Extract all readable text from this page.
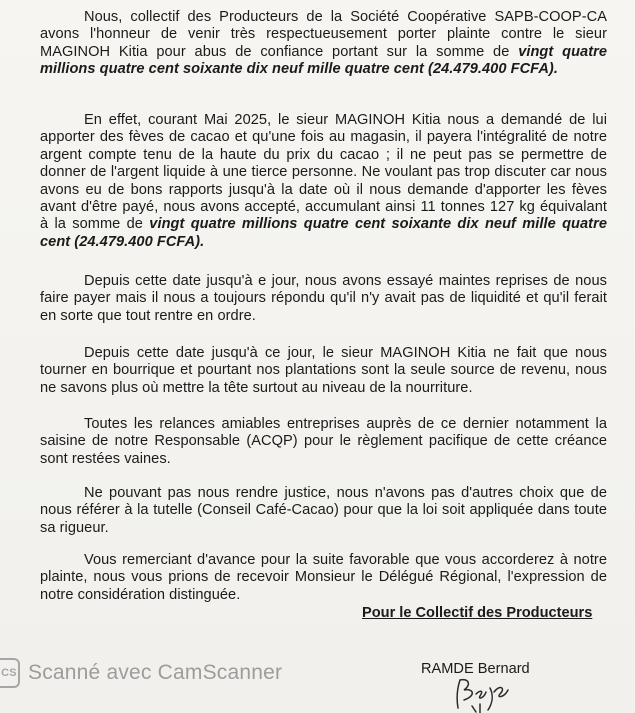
Nous, collectif des Producteurs de la Société Coopérative SAPB-COOP-CA avons l'honneur de venir très respectueusement porter plainte contre le sieur MAGINOH Kitia pour abus de confiance portant sur la somme de vingt quatre millions quatre cent soixante dix neuf mille quatre cent (24.479.400 FCFA).

En effet, courant Mai 2025, le sieur MAGINOH Kitia nous a demandé de lui apporter des fèves de cacao et qu'une fois au magasin, il payera l'intégralité de notre argent compte tenu de la haute du prix du cacao ; il ne peut pas se permettre de donner de l'argent liquide à une tierce personne. Ne voulant pas trop discuter car nous avons eu de bons rapports jusqu'à la date où il nous demande d'apporter les fèves avant d'être payé, nous avons accepté, accumulant ainsi 11 tonnes 127 kg équivalant à la somme de vingt quatre millions quatre cent soixante dix neuf mille quatre cent (24.479.400 FCFA).

Depuis cette date jusqu'à e jour, nous avons essayé maintes reprises de nous faire payer mais il nous a toujours répondu qu'il n'y avait pas de liquidité et qu'il ferait en sorte que tout rentre en ordre.

Depuis cette date jusqu'à ce jour, le sieur MAGINOH Kitia ne fait que nous tourner en bourrique et pourtant nos plantations sont la seule source de revenu, nous ne savons plus où mettre la tête surtout au niveau de la nourriture.

Toutes les relances amiables entreprises auprès de ce dernier notamment la saisine de notre Responsable (ACQP) pour le règlement pacifique de cette créance sont restées vaines.

Ne pouvant pas nous rendre justice, nous n'avons pas d'autres choix que de nous référer à la tutelle (Conseil Café-Cacao) pour que la loi soit appliquée dans toute sa rigueur.

Vous remerciant d'avance pour la suite favorable que vous accorderez à notre plainte, nous vous prions de recevoir Monsieur le Délégué Régional, l'expression de notre considération distinguée.

Pour le Collectif des Producteurs
CS Scanné avec CamScanner	RAMDE Bernard
